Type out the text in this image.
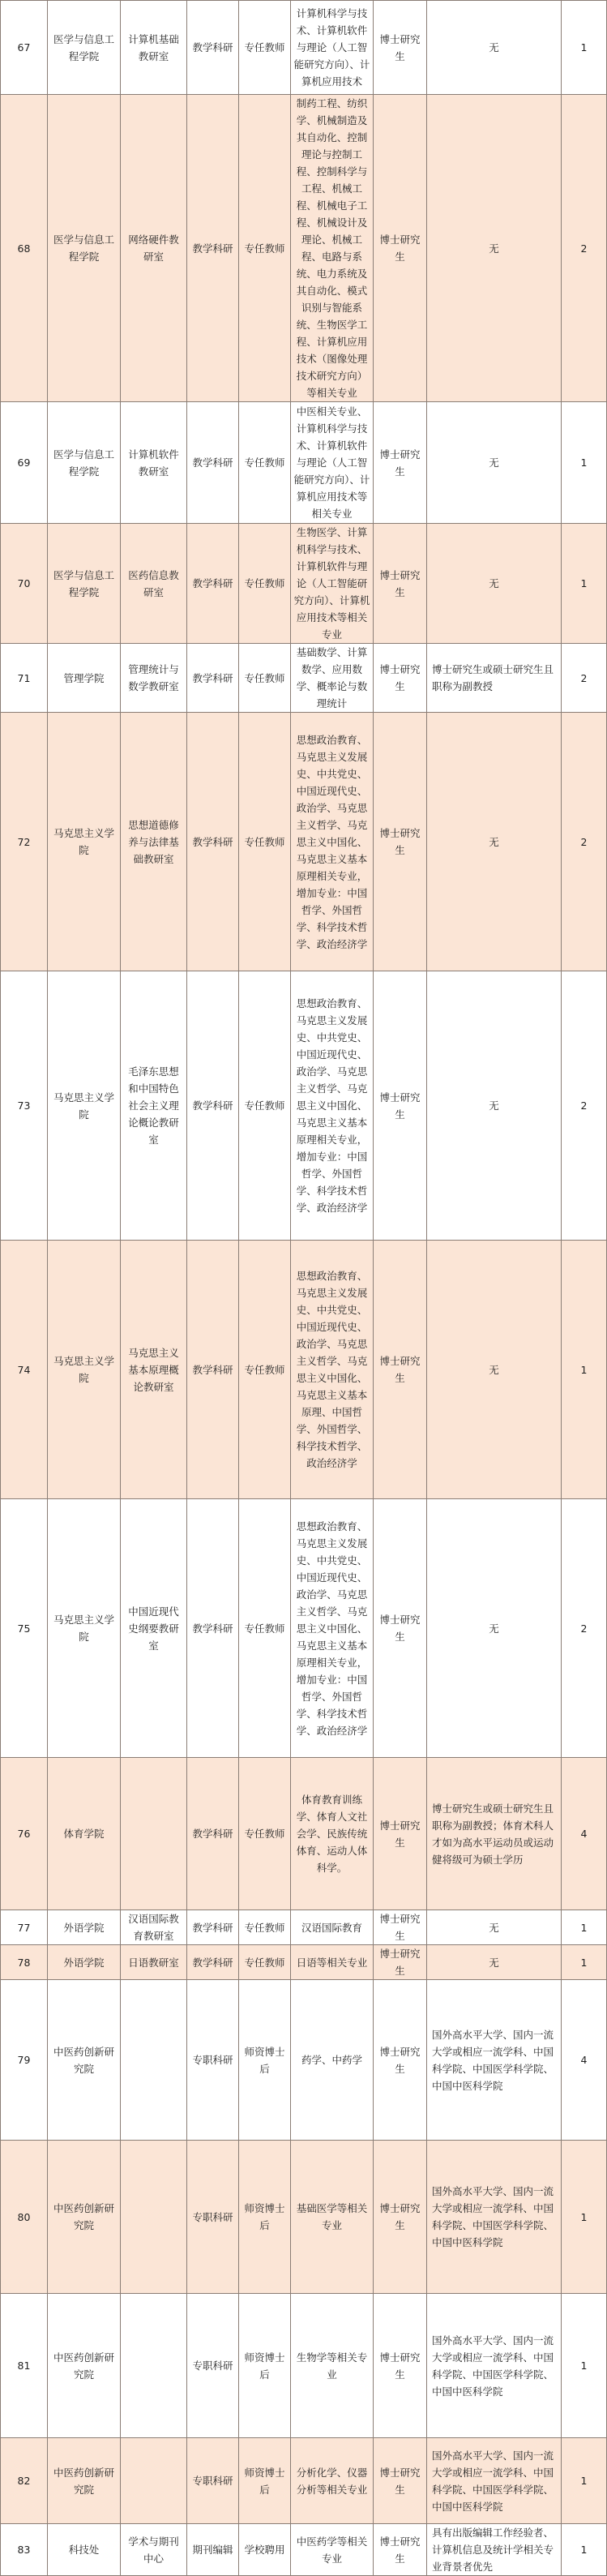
67	医学与信息工程学院	计算机基础教研室	教学科研	专任教师	计算机科学与技术、计算机软件与理论（人工智能研究方向）、计算机应用技术	博士研究生	无	1
68	医学与信息工程学院	网络硬件教研室	教学科研	专任教师	制药工程、纺织学、机械制造及其自动化、控制理论与控制工程、控制科学与工程、机械工程、机械电子工程、机械设计及理论、机械工程、电路与系统、电力系统及其自动化、模式识别与智能系统、生物医学工程、计算机应用技术（图像处理技术研究方向）等相关专业	博士研究生	无	2
69	医学与信息工程学院	计算机软件教研室	教学科研	专任教师	中医相关专业、计算机科学与技术、计算机软件与理论（人工智能研究方向）、计算机应用技术等相关专业	博士研究生	无	1
70	医学与信息工程学院	医药信息教研室	教学科研	专任教师	生物医学、计算机科学与技术、计算机软件与理论（人工智能研究方向）、计算机应用技术等相关专业	博士研究生	无	1
71	管理学院	管理统计与数学教研室	教学科研	专任教师	基础数学、计算数学、应用数学、概率论与数理统计	博士研究生	博士研究生或硕士研究生且职称为副教授	2
72	马克思主义学院	思想道德修养与法律基础教研室	教学科研	专任教师	思想政治教育、马克思主义发展史、中共党史、中国近现代史、政治学、马克思主义哲学、马克思主义中国化、马克思主义基本原理相关专业，增加专业：中国哲学、外国哲学、科学技术哲学、政治经济学	博士研究生	无	2
73	马克思主义学院	毛泽东思想和中国特色社会主义理论概论教研室	教学科研	专任教师	思想政治教育、马克思主义发展史、中共党史、中国近现代史、政治学、马克思主义哲学、马克思主义中国化、马克思主义基本原理相关专业，增加专业：中国哲学、外国哲学、科学技术哲学、政治经济学	博士研究生	无	2
74	马克思主义学院	马克思主义基本原理概论教研室	教学科研	专任教师	思想政治教育、马克思主义发展史、中共党史、中国近现代史、政治学、马克思主义哲学、马克思主义中国化、马克思主义基本原理、中国哲学、外国哲学、科学技术哲学、政治经济学	博士研究生	无	1
75	马克思主义学院	中国近现代史纲要教研室	教学科研	专任教师	思想政治教育、马克思主义发展史、中共党史、中国近现代史、政治学、马克思主义哲学、马克思主义中国化、马克思主义基本原理相关专业，增加专业：中国哲学、外国哲学、科学技术哲学、政治经济学	博士研究生	无	2
76	体育学院		教学科研	专任教师	体育教育训练学、体育人文社会学、民族传统体育、运动人体科学。	博士研究生	博士研究生或硕士研究生且职称为副教授；体育术科人才如为高水平运动员或运动健将级可为硕士学历	4
77	外语学院	汉语国际教育教研室	教学科研	专任教师	汉语国际教育	博士研究生	无	1
78	外语学院	日语教研室	教学科研	专任教师	日语等相关专业	博士研究生	无	1
79	中医药创新研究院		专职科研	师资博士后	药学、中药学	博士研究生	国外高水平大学、国内一流大学或相应一流学科、中国科学院、中国医学科学院、中国中医科学院	4
80	中医药创新研究院		专职科研	师资博士后	基础医学等相关专业	博士研究生	国外高水平大学、国内一流大学或相应一流学科、中国科学院、中国医学科学院、中国中医科学院	1
81	中医药创新研究院		专职科研	师资博士后	生物学等相关专业	博士研究生	国外高水平大学、国内一流大学或相应一流学科、中国科学院、中国医学科学院、中国中医科学院	1
82	中医药创新研究院		专职科研	师资博士后	分析化学、仪器分析等相关专业	博士研究生	国外高水平大学、国内一流大学或相应一流学科、中国科学院、中国医学科学院、中国中医科学院	1
83	科技处	学术与期刊中心	期刊编辑	学校聘用	中医药学等相关专业	博士研究生	具有出版编辑工作经验者、计算机信息及统计学相关专业背景者优先	1
